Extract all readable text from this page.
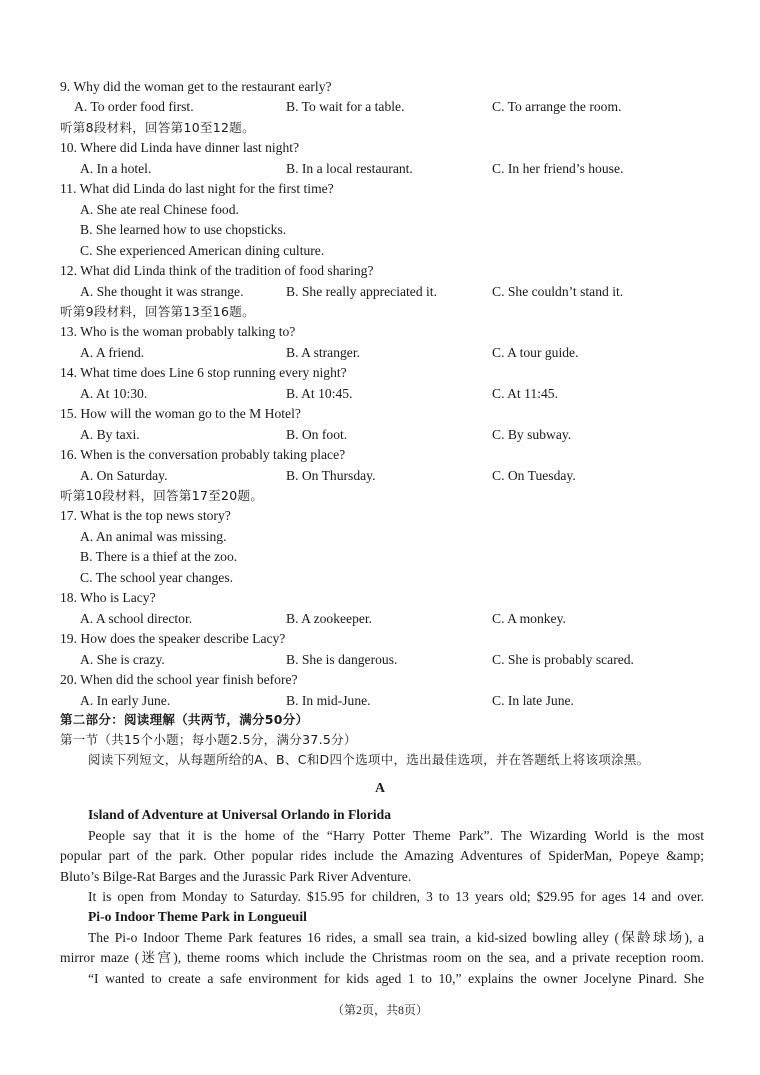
9. Why did the woman get to the restaurant early?
A. To order food first.	B. To wait for a table.	C. To arrange the room.
听第8段材料，回答第10至12题。
10. Where did Linda have dinner last night?
A. In a hotel.	B. In a local restaurant.	C. In her friend’s house.
11. What did Linda do last night for the first time?
A. She ate real Chinese food.
B. She learned how to use chopsticks.
C. She experienced American dining culture.
12. What did Linda think of the tradition of food sharing?
A. She thought it was strange.	B. She really appreciated it.	C. She couldn’t stand it.
听第9段材料，回答第13至16题。
13. Who is the woman probably talking to?
A. A friend.	B. A stranger.	C. A tour guide.
14. What time does Line 6 stop running every night?
A. At 10:30.	B. At 10:45.	C. At 11:45.
15. How will the woman go to the M Hotel?
A. By taxi.	B. On foot.	C. By subway.
16. When is the conversation probably taking place?
A. On Saturday.	B. On Thursday.	C. On Tuesday.
听第10段材料，回答第17至20题。
17. What is the top news story?
A. An animal was missing.
B. There is a thief at the zoo.
C. The school year changes.
18. Who is Lacy?
A. A school director.	B. A zookeeper.	C. A monkey.
19. How does the speaker describe Lacy?
A. She is crazy.	B. She is dangerous.	C. She is probably scared.
20. When did the school year finish before?
A. In early June.	B. In mid-June.	C. In late June.
第二部分：阅读理解（共两节，满分50分）
第一节（共15个小题；每小题2.5分，满分37.5分）
阅读下列短文，从每题所给的A、B、C和D四个选项中，选出最佳选项，并在答题纸上将该项涂黑。
A
Island of Adventure at Universal Orlando in Florida
People say that it is the home of the “Harry Potter Theme Park”. The Wizarding World is the most
popular part of the park. Other popular rides include the Amazing Adventures of SpiderMan, Popeye &amp;
Bluto’s Bilge-Rat Barges and the Jurassic Park River Adventure.
It is open from Monday to Saturday. $15.95 for children, 3 to 13 years old; $29.95 for ages 14 and over.
Pi-o Indoor Theme Park in Longueuil
The Pi-o Indoor Theme Park features 16 rides, a small sea train, a kid-sized bowling alley (保龄球场), a
mirror maze (迷宫), theme rooms which include the Christmas room on the sea, and a private reception room.
“I wanted to create a safe environment for kids aged 1 to 10,” explains the owner Jocelyne Pinard. She
（第2页，共8页）
